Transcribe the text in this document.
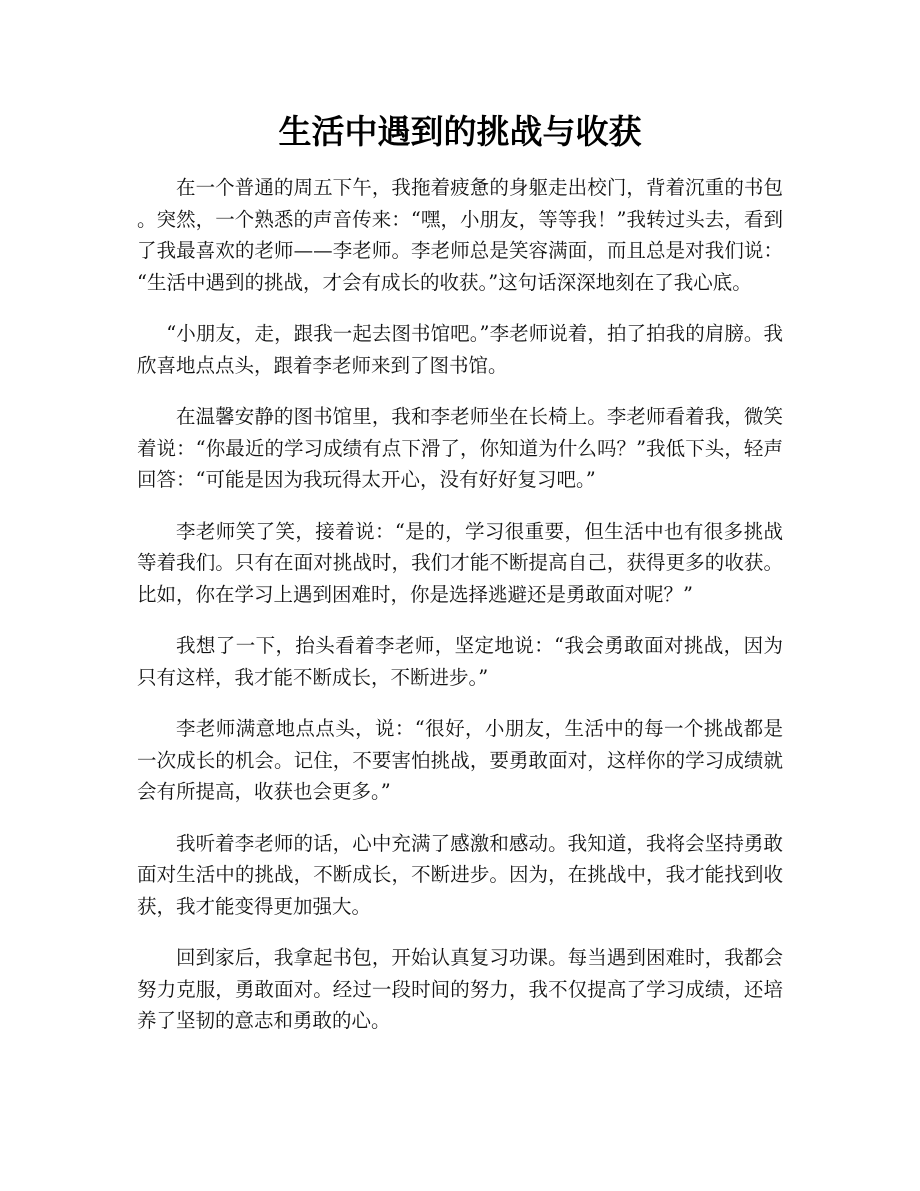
生活中遇到的挑战与收获

在一个普通的周五下午，我拖着疲惫的身躯走出校门，背着沉重的书包。突然，一个熟悉的声音传来：“嘿，小朋友，等等我！”我转过头去，看到了我最喜欢的老师——李老师。李老师总是笑容满面，而且总是对我们说：“生活中遇到的挑战，才会有成长的收获。”这句话深深地刻在了我心底。

“小朋友，走，跟我一起去图书馆吧。”李老师说着，拍了拍我的肩膀。我欣喜地点点头，跟着李老师来到了图书馆。

在温馨安静的图书馆里，我和李老师坐在长椅上。李老师看着我，微笑着说：“你最近的学习成绩有点下滑了，你知道为什么吗？”我低下头，轻声回答：“可能是因为我玩得太开心，没有好好复习吧。”

李老师笑了笑，接着说：“是的，学习很重要，但生活中也有很多挑战等着我们。只有在面对挑战时，我们才能不断提高自己，获得更多的收获。比如，你在学习上遇到困难时，你是选择逃避还是勇敢面对呢？”

我想了一下，抬头看着李老师，坚定地说：“我会勇敢面对挑战，因为只有这样，我才能不断成长，不断进步。”

李老师满意地点点头，说：“很好，小朋友，生活中的每一个挑战都是一次成长的机会。记住，不要害怕挑战，要勇敢面对，这样你的学习成绩就会有所提高，收获也会更多。”

我听着李老师的话，心中充满了感激和感动。我知道，我将会坚持勇敢面对生活中的挑战，不断成长，不断进步。因为，在挑战中，我才能找到收获，我才能变得更加强大。

回到家后，我拿起书包，开始认真复习功课。每当遇到困难时，我都会努力克服，勇敢面对。经过一段时间的努力，我不仅提高了学习成绩，还培养了坚韧的意志和勇敢的心。
